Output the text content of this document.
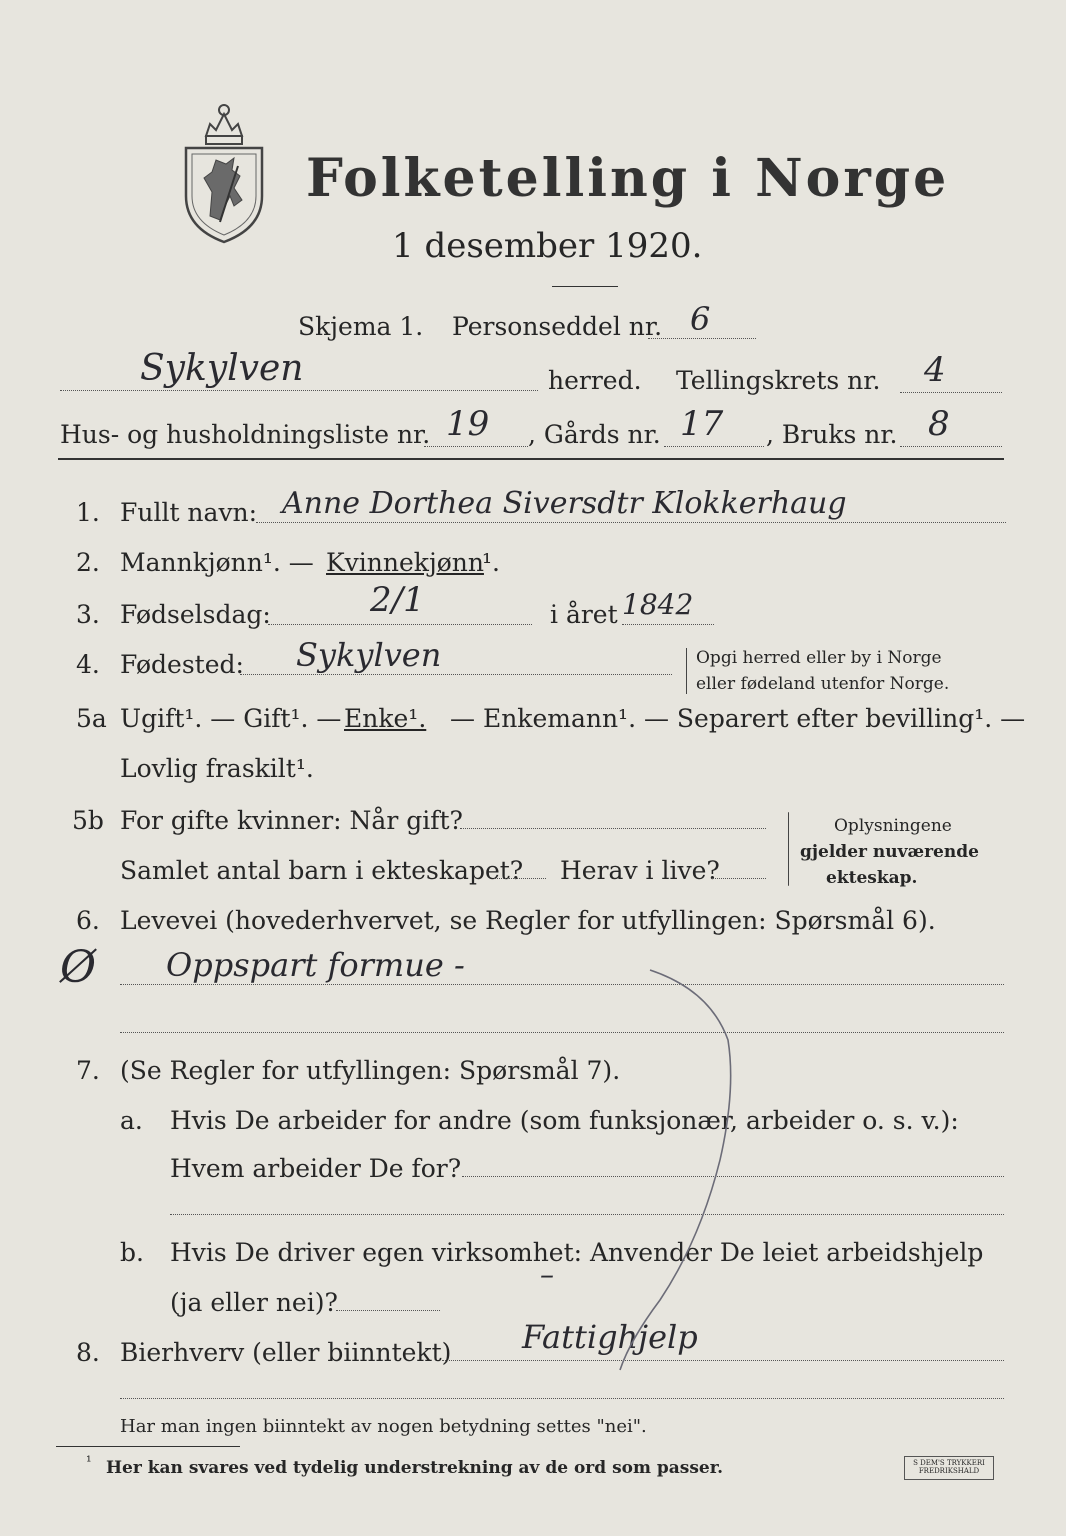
Folketelling i Norge
1 desember 1920.
Skjema 1. Personseddel nr. 6
Sykylven	herred. Tellingskrets nr. 4
Hus- og husholdningsliste nr. 19 , Gårds nr. 17 , Bruks nr. 8
1. Fullt navn: Anne Dorthea Siversdtr Klokkerhaug
2. Mannkjønn¹. — Kvinnekjønn
¹.
3. Fødselsdag:	2/1	i året 1842
4. Fødested: Sykylven	Opgi herred eller by i Norge
eller fødeland utenfor Norge.
5a Ugift¹. — Gift¹. — Enke¹. — Enkemann¹. — Separert efter bevilling¹. —
Lovlig fraskilt¹.
5b For gifte kvinner: Når gift?
Samlet antal barn i ekteskapet? Herav i live?
Oplysningene
gjelder nuværende
ekteskap.
6. Levevei (hovederhvervet, se Regler for utfyllingen: Spørsmål 6).
Ø Oppspart formue -
7. (Se Regler for utfyllingen: Spørsmål 7).
a. Hvis De arbeider for andre (som funksjonær, arbeider o. s. v.):
Hvem arbeider De for?
b. Hvis De driver egen virksomhet: Anvender De leiet arbeidshjelp
(ja eller nei)?
–
8. Bierhverv (eller biinntekt) Fattighjelp
Har man ingen biinntekt av nogen betydning settes "nei".
¹ Her kan svares ved tydelig understrekning av de ord som passer.	S DEM'S TRYKKERI FREDRIKSHALD
